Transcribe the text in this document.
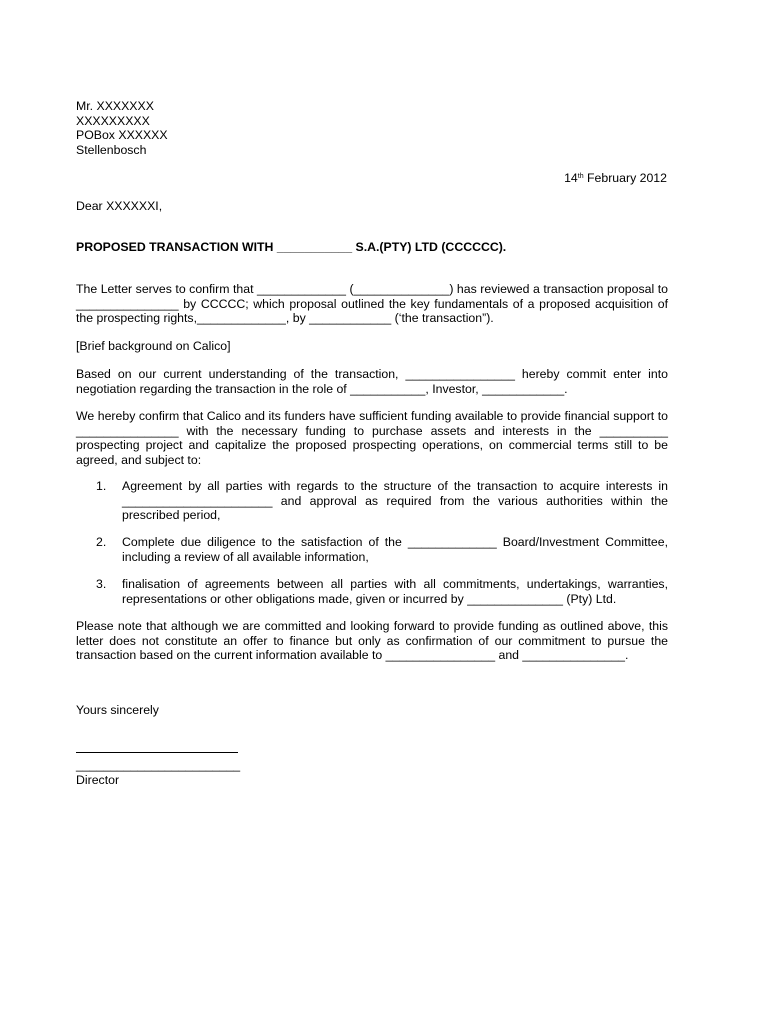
Mr. XXXXXXX
XXXXXXXXX
POBox XXXXXX
Stellenbosch
14th February 2012
Dear XXXXXXI,
PROPOSED TRANSACTION WITH ___________ S.A.(PTY) LTD (CCCCCC).
The Letter serves to confirm that _____________ (______________) has reviewed a transaction proposal to _______________ by CCCCC; which proposal outlined the key fundamentals of a proposed acquisition of the prospecting rights,_____________, by ____________ (‘the transaction”).
[Brief background on Calico]
Based on our current understanding of the transaction, ________________ hereby commit enter into negotiation regarding the transaction in the role of ___________, Investor, ____________.
We hereby confirm that Calico and its funders have sufficient funding available to provide financial support to _______________ with the necessary funding to purchase assets and interests in the __________ prospecting project and capitalize the proposed prospecting operations, on commercial terms still to be agreed, and subject to:
1. Agreement by all parties with regards to the structure of the transaction to acquire interests in ______________________ and approval as required from the various authorities within the prescribed period,
2. Complete due diligence to the satisfaction of the _____________ Board/Investment Committee, including a review of all available information,
3. finalisation of agreements between all parties with all commitments, undertakings, warranties, representations or other obligations made, given or incurred by ______________ (Pty) Ltd.
Please note that although we are committed and looking forward to provide funding as outlined above, this letter does not constitute an offer to finance but only as confirmation of our commitment to pursue the transaction based on the current information available to ________________ and _______________.
Yours sincerely
________________________
Director
